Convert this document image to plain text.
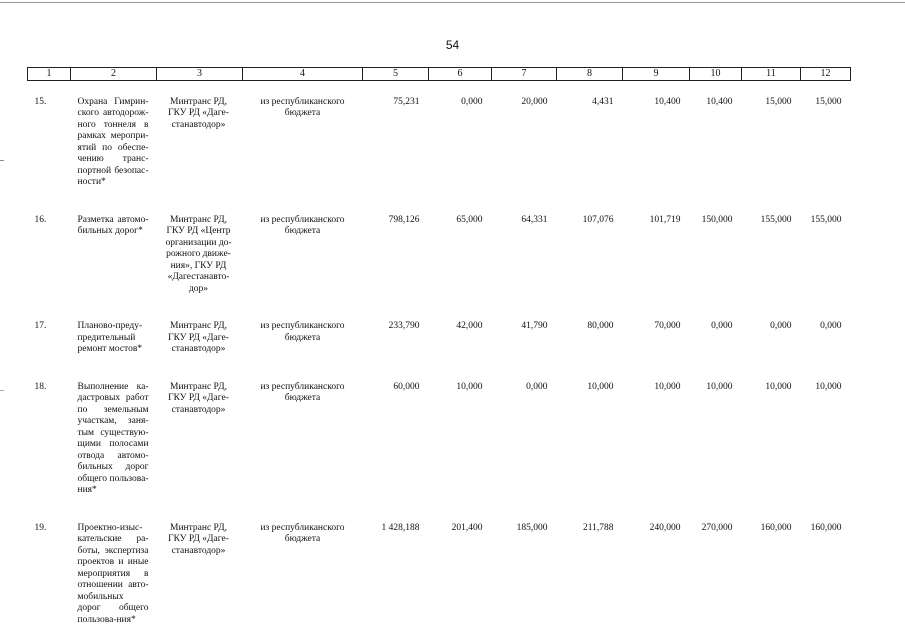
54
1	2	3	4	5	6	7	8	9	10	11	12
15.	Охрана Гимрин-ского автодорож-ного тоннеля в рамках меропри-ятий по обеспе-чению транс-портной безопас-ности*	Минтранс РД, ГКУ РД «Даге-станавтодор»	из республиканского бюджета	75,231	0,000	20,000	4,431	10,400	10,400	15,000	15,000
16.	Разметка автомо-бильных дорог*	Минтранс РД, ГКУ РД «Центр организации до-рожного движе-ния», ГКУ РД «Дагестанавто-дор»	из республиканского бюджета	798,126	65,000	64,331	107,076	101,719	150,000	155,000	155,000
17.	Планово-преду-предительный ремонт мостов*	Минтранс РД, ГКУ РД «Даге-станавтодор»	из республиканского бюджета	233,790	42,000	41,790	80,000	70,000	0,000	0,000	0,000
18.	Выполнение ка-дастровых работ по земельным участкам, заня-тым существую-щими полосами отвода автомо-бильных дорог общего пользова-ния*	Минтранс РД, ГКУ РД «Даге-станавтодор»	из республиканского бюджета	60,000	10,000	0,000	10,000	10,000	10,000	10,000	10,000
19.	Проектно-изыс-кательские ра-боты, экспертиза проектов и иные мероприятия в отношении авто-мобильных дорог общего пользова-ния*	Минтранс РД, ГКУ РД «Даге-станавтодор»	из республиканского бюджета	1 428,188	201,400	185,000	211,788	240,000	270,000	160,000	160,000
